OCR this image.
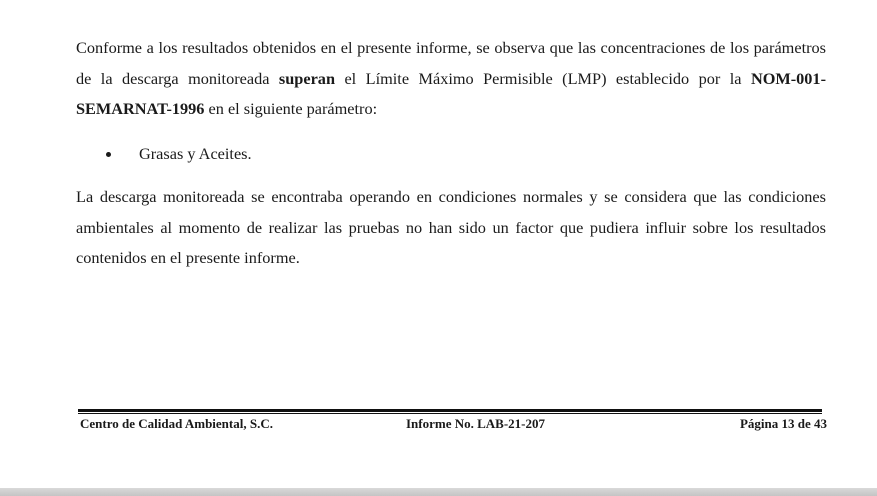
Conforme a los resultados obtenidos en el presente informe, se observa que las concentraciones de los parámetros de la descarga monitoreada superan el Límite Máximo Permisible (LMP) establecido por la NOM-001-SEMARNAT-1996 en el siguiente parámetro:

Grasas y Aceites.

La descarga monitoreada se encontraba operando en condiciones normales y se considera que las condiciones ambientales al momento de realizar las pruebas no han sido un factor que pudiera influir sobre los resultados contenidos en el presente informe.

Centro de Calidad Ambiental, S.C.	Informe No. LAB-21-207	Página 13 de 43
